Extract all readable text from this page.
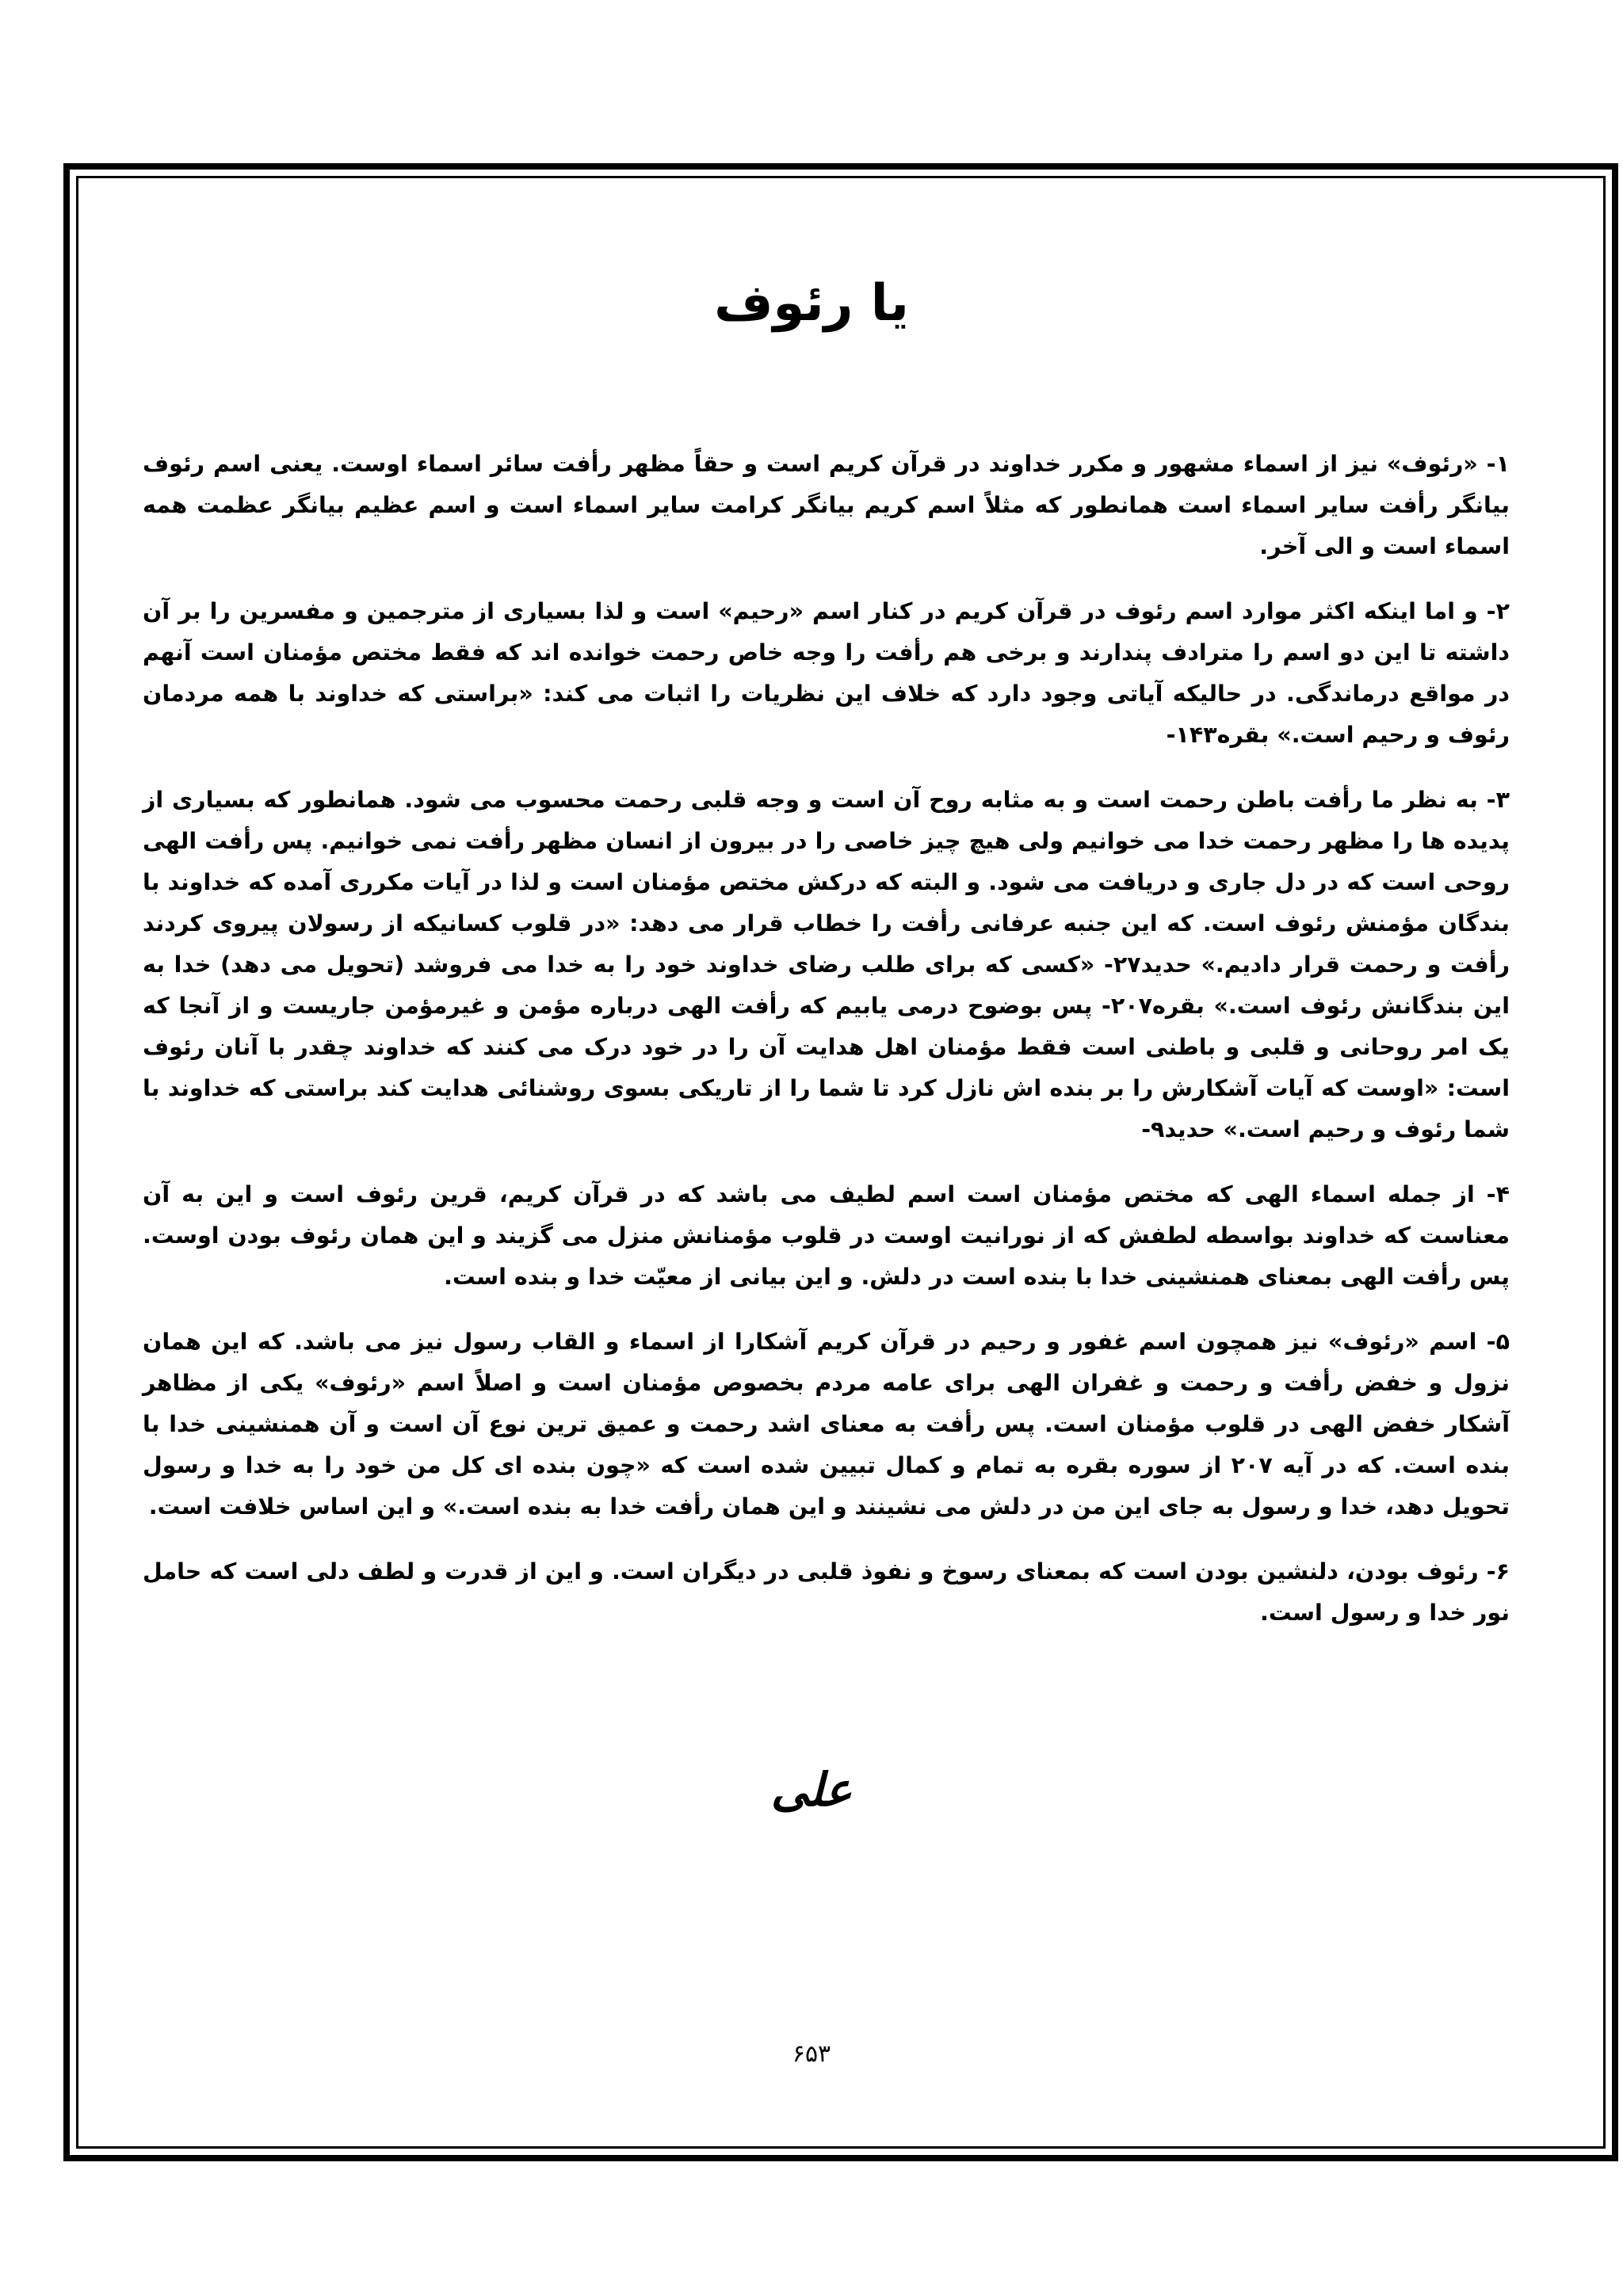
یا رئوف

۱- «رئوف» نیز از اسماء مشهور و مکرر خداوند در قرآن کریم است و حقاً مظهر رأفت سائر اسماء اوست. یعنی اسم رئوف بیانگر رأفت سایر اسماء است همانطور که مثلاً اسم کریم بیانگر کرامت سایر اسماء است و اسم عظیم بیانگر عظمت همه اسماء است و الی آخر.

۲- و اما اینکه اکثر موارد اسم رئوف در قرآن کریم در کنار اسم «رحیم» است و لذا بسیاری از مترجمین و مفسرین را بر آن داشته تا این دو اسم را مترادف پندارند و برخی هم رأفت را وجه خاص رحمت خوانده اند که فقط مختص مؤمنان است آنهم در مواقع درماندگی. در حالیکه آیاتی وجود دارد که خلاف این نظریات را اثبات می کند: «براستی که خداوند با همه مردمان رئوف و رحیم است.» بقره۱۴۳-

۳- به نظر ما رأفت باطن رحمت است و به مثابه روح آن است و وجه قلبی رحمت محسوب می شود. همانطور که بسیاری از پدیده ها را مظهر رحمت خدا می خوانیم ولی هیچ چیز خاصی را در بیرون از انسان مظهر رأفت نمی خوانیم. پس رأفت الهی روحی است که در دل جاری و دریافت می شود. و البته که درکش مختص مؤمنان است و لذا در آیات مکرری آمده که خداوند با بندگان مؤمنش رئوف است. که این جنبه عرفانی رأفت را خطاب قرار می دهد: «در قلوب کسانیکه از رسولان پیروی کردند رأفت و رحمت قرار دادیم.» حدید۲۷- «کسی که برای طلب رضای خداوند خود را به خدا می فروشد (تحویل می دهد) خدا به این بندگانش رئوف است.» بقره۲۰۷- پس بوضوح درمی یابیم که رأفت الهی درباره مؤمن و غیرمؤمن جاریست و از آنجا که یک امر روحانی و قلبی و باطنی است فقط مؤمنان اهل هدایت آن را در خود درک می کنند که خداوند چقدر با آنان رئوف است: «اوست که آیات آشکارش را بر بنده اش نازل کرد تا شما را از تاریکی بسوی روشنائی هدایت کند براستی که خداوند با شما رئوف و رحیم است.» حدید۹-

۴- از جمله اسماء الهی که مختص مؤمنان است اسم لطیف می باشد که در قرآن کریم، قرین رئوف است و این به آن معناست که خداوند بواسطه لطفش که از نورانیت اوست در قلوب مؤمنانش منزل می گزیند و این همان رئوف بودن اوست. پس رأفت الهی بمعنای همنشینی خدا با بنده است در دلش. و این بیانی از معیّت خدا و بنده است.

۵- اسم «رئوف» نیز همچون اسم غفور و رحیم در قرآن کریم آشکارا از اسماء و القاب رسول نیز می باشد. که این همان نزول و خفض رأفت و رحمت و غفران الهی برای عامه مردم بخصوص مؤمنان است و اصلاً اسم «رئوف» یکی از مظاهر آشکار خفض الهی در قلوب مؤمنان است. پس رأفت به معنای اشد رحمت و عمیق ترین نوع آن است و آن همنشینی خدا با بنده است. که در آیه ۲۰۷ از سوره بقره به تمام و کمال تبیین شده است که «چون بنده ای کل من خود را به خدا و رسول تحویل دهد، خدا و رسول به جای این من در دلش می نشینند و این همان رأفت خدا به بنده است.» و این اساس خلافت است.

۶- رئوف بودن، دلنشین بودن است که بمعنای رسوخ و نفوذ قلبی در دیگران است. و این از قدرت و لطف دلی است که حامل نور خدا و رسول است.

علی
۶۵۳
